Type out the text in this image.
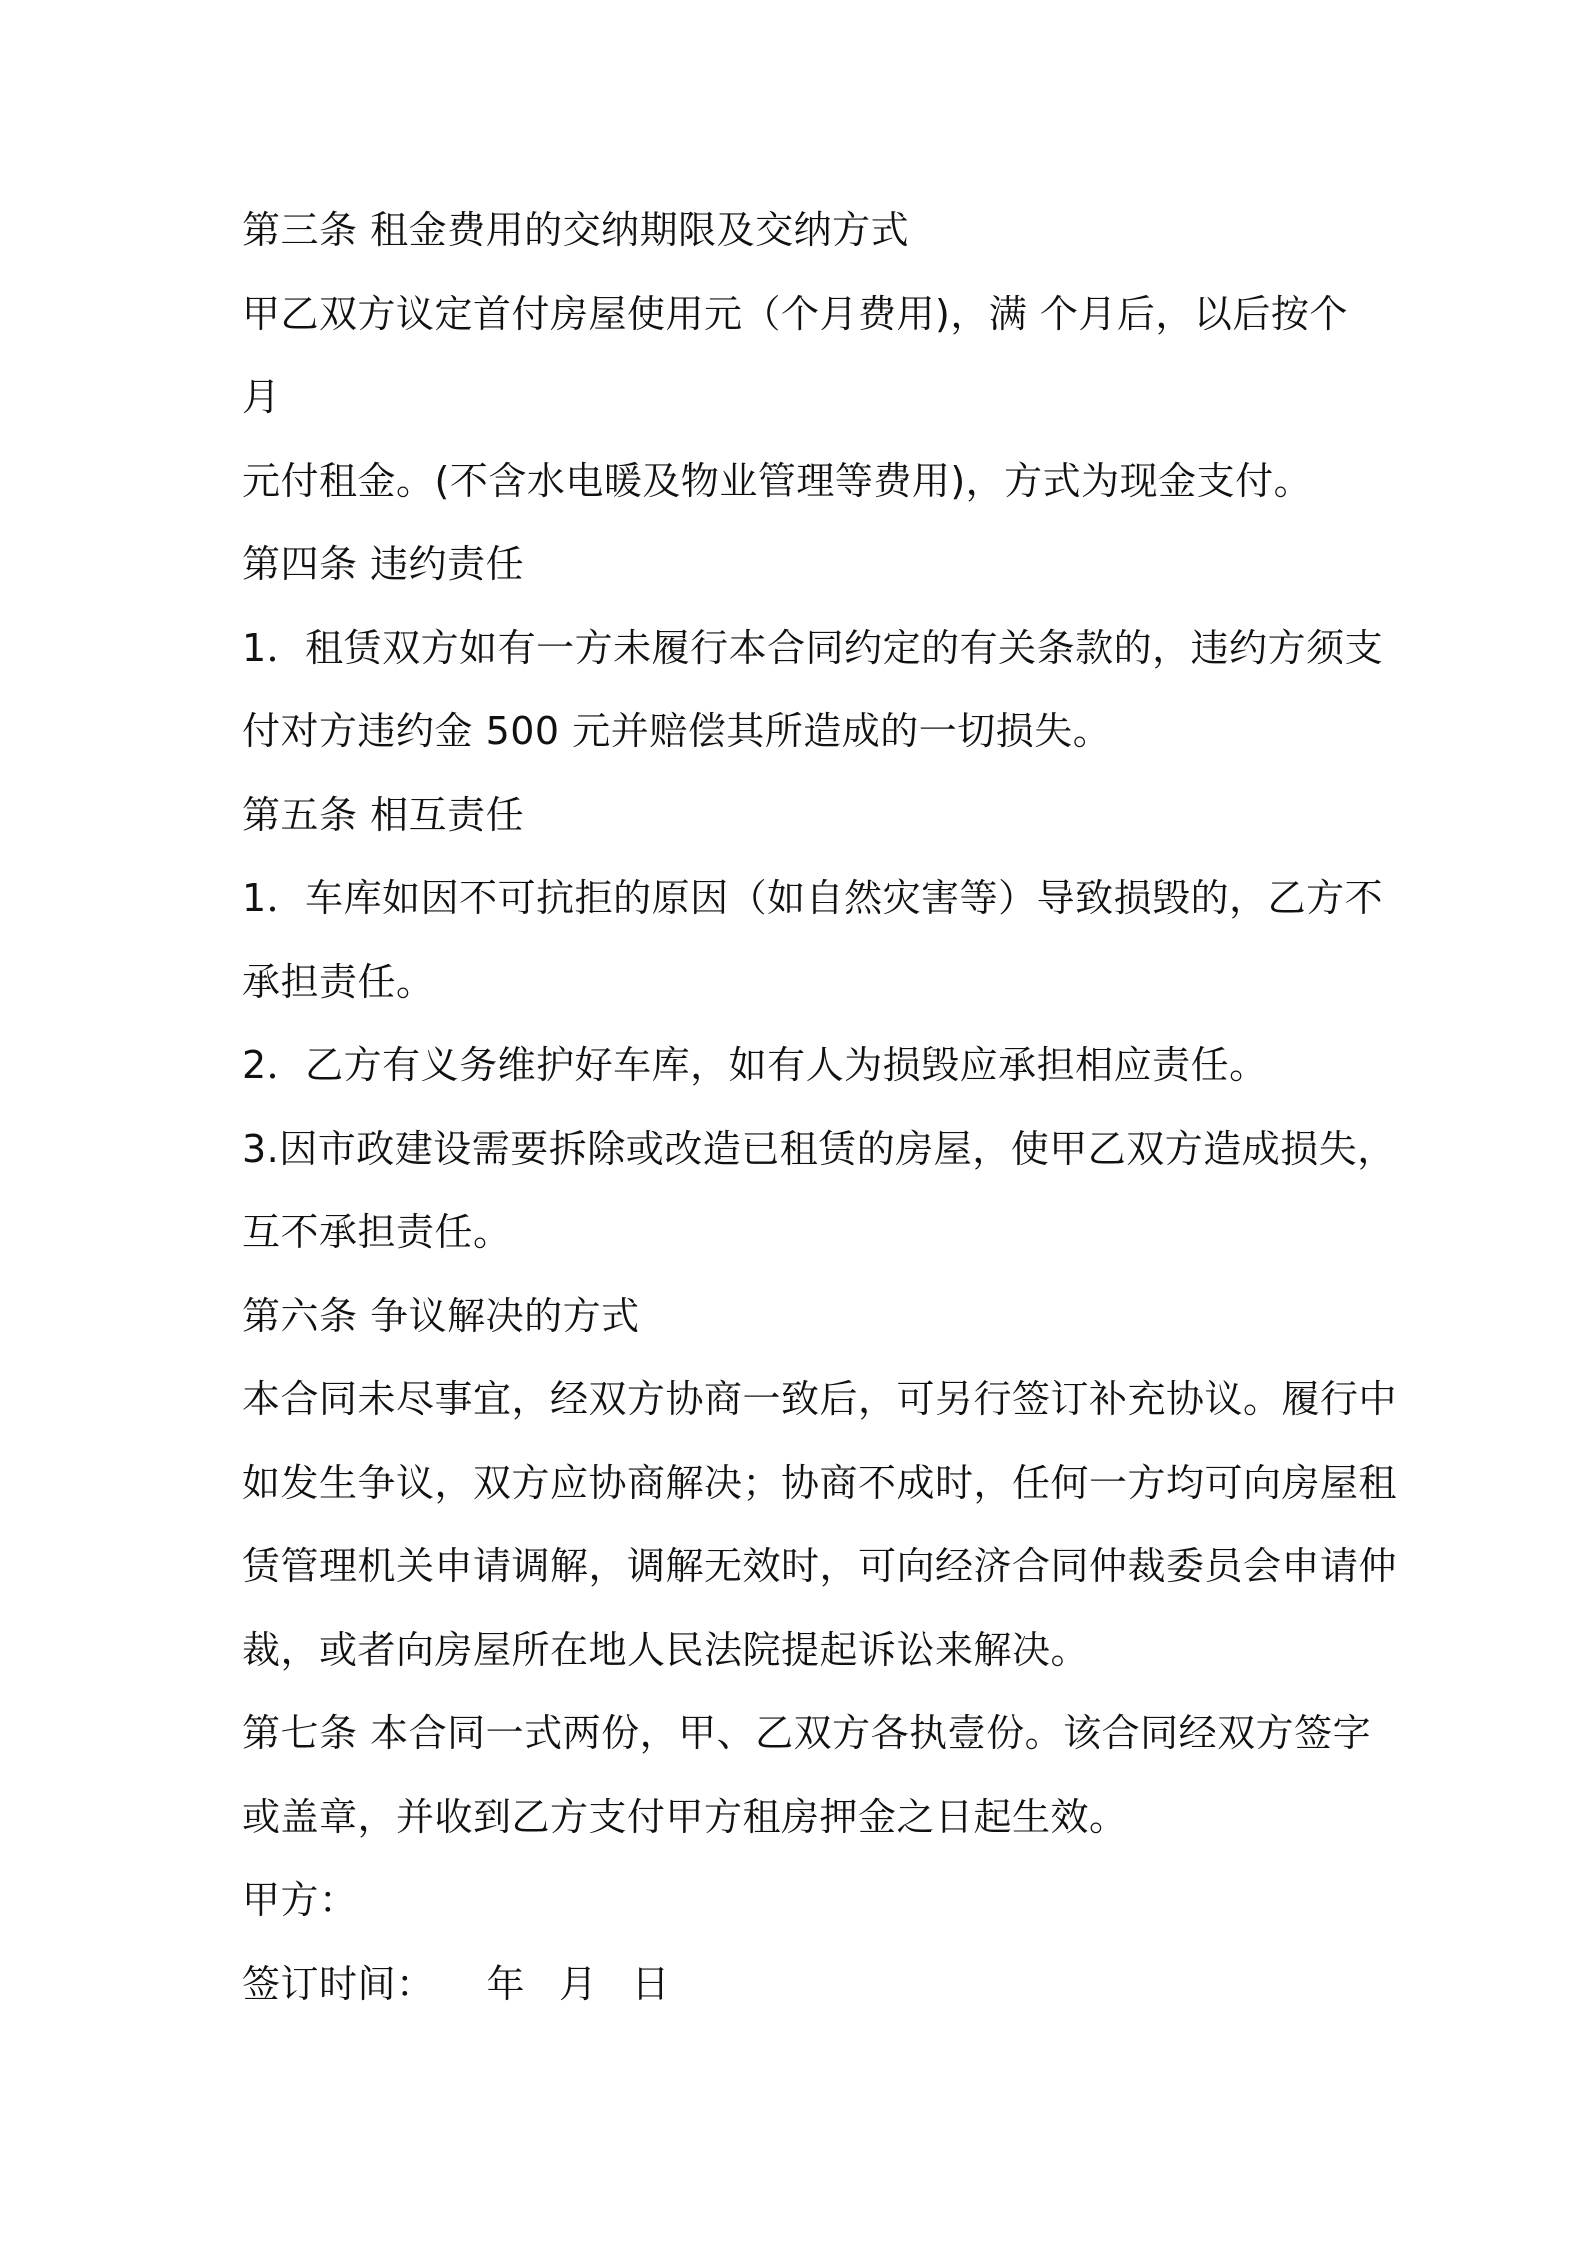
第三条 租金费用的交纳期限及交纳方式
甲乙双方议定首付房屋使用元（个月费用)，满 个月后，以后按个
月
元付租金。(不含水电暖及物业管理等费用)，方式为现金支付。
第四条 违约责任
1．租赁双方如有一方未履行本合同约定的有关条款的，违约方须支
付对方违约金 500 元并赔偿其所造成的一切损失。
第五条 相互责任
1．车库如因不可抗拒的原因（如自然灾害等）导致损毁的，乙方不
承担责任。
2．乙方有义务维护好车库，如有人为损毁应承担相应责任。
3.因市政建设需要拆除或改造已租赁的房屋，使甲乙双方造成损失，
互不承担责任。
第六条 争议解决的方式
本合同未尽事宜，经双方协商一致后，可另行签订补充协议。履行中
如发生争议，双方应协商解决；协商不成时，任何一方均可向房屋租
赁管理机关申请调解，调解无效时，可向经济合同仲裁委员会申请仲
裁，或者向房屋所在地人民法院提起诉讼来解决。
第七条 本合同一式两份，甲、乙双方各执壹份。该合同经双方签字
或盖章，并收到乙方支付甲方租房押金之日起生效。
甲方：
签订时间： 年 月 日
